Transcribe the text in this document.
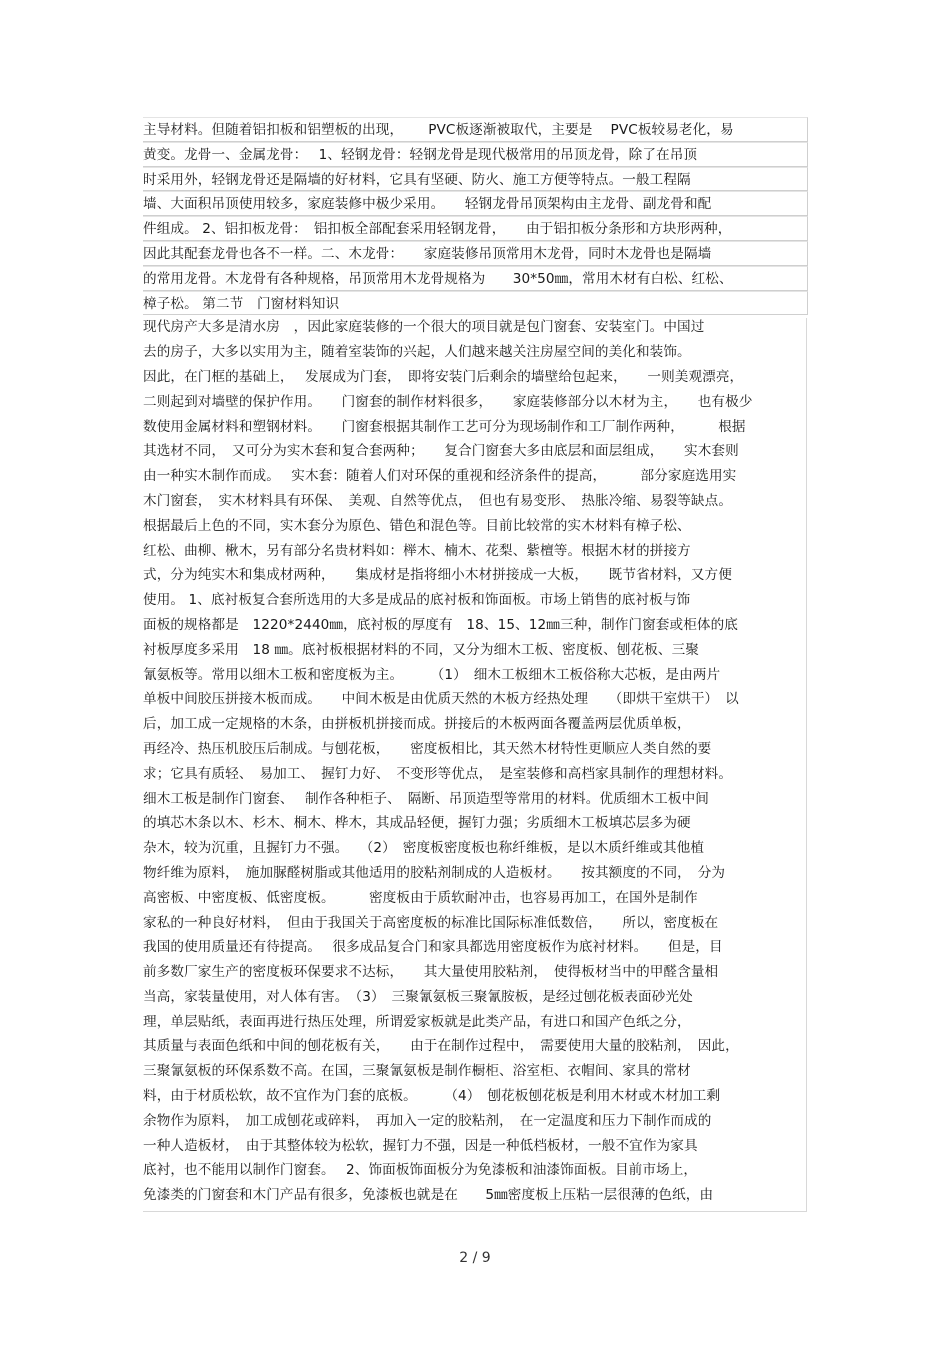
主导材料。但随着铝扣板和铝塑板的出现，　　 PVC板逐渐被取代，主要是　 PVC板较易老化，易
黄变。龙骨一、金属龙骨：　 1、轻钢龙骨：轻钢龙骨是现代极常用的吊顶龙骨，除了在吊顶
时采用外，轻钢龙骨还是隔墙的好材料，它具有坚硬、防火、施工方便等特点。一般工程隔
墙、大面积吊顶使用较多，家庭装修中极少采用。　　轻钢龙骨吊顶架构由主龙骨、副龙骨和配
件组成。 2、铝扣板龙骨：　铝扣板全部配套采用轻钢龙骨，　　由于铝扣板分条形和方块形两种，
因此其配套龙骨也各不一样。二、木龙骨：　　家庭装修吊顶常用木龙骨，同时木龙骨也是隔墙
的常用龙骨。木龙骨有各种规格，吊顶常用木龙骨规格为　　30*50㎜，常用木材有白松、红松、
樟子松。 第二节　门窗材料知识
现代房产大多是清水房　，因此家庭装修的一个很大的项目就是包门窗套、安装室门。中国过
去的房子，大多以实用为主，随着室装饰的兴起，人们越来越关注房屋空间的美化和装饰。
因此，在门框的基础上，　 发展成为门套，　即将安装门后剩余的墙壁给包起来，　　一则美观漂亮，
二则起到对墙壁的保护作用。　　门窗套的制作材料很多，　　家庭装修部分以木材为主，　　也有极少
数使用金属材料和塑钢材料。　　门窗套根据其制作工艺可分为现场制作和工厂制作两种，　　　根据
其选材不同，　又可分为实木套和复合套两种；　　复合门窗套大多由底层和面层组成，　　实木套则
由一种实木制作而成。　 实木套：随着人们对环保的重视和经济条件的提高，　　　部分家庭选用实
木门窗套，　实木材料具有环保、　美观、自然等优点，　但也有易变形、　热胀冷缩、易裂等缺点。
根据最后上色的不同，实木套分为原色、错色和混色等。目前比较常的实木材料有樟子松、
红松、曲柳、楸木，另有部分名贵材料如：榉木、楠木、花梨、紫檀等。根据木材的拼接方
式，分为纯实木和集成材两种，　　集成材是指将细小木材拼接成一大板，　　既节省材料，又方便
使用。 1、底衬板复合套所选用的大多是成品的底衬板和饰面板。市场上销售的底衬板与饰
面板的规格都是　1220*2440㎜，底衬板的厚度有　18、15、12㎜三种，制作门窗套或柜体的底
衬板厚度多采用　18 ㎜。底衬板根据材料的不同，又分为细木工板、密度板、刨花板、三聚
氰氨板等。常用以细木工板和密度板为主。　　　（1）　细木工板细木工板俗称大芯板，是由两片
单板中间胶压拼接木板而成。　　中间木板是由优质天然的木板方经热处理　　（即烘干室烘干）　以
后，加工成一定规格的木条，由拼板机拼接而成。拼接后的木板两面各覆盖两层优质单板，
再经冷、热压机胶压后制成。与刨花板，　　密度板相比，其天然木材特性更顺应人类自然的要
求；它具有质轻、　易加工、　握钉力好、　不变形等优点，　是室装修和高档家具制作的理想材料。
细木工板是制作门窗套、　 制作各种柜子、　隔断、吊顶造型等常用的材料。优质细木工板中间
的填芯木条以木、杉木、桐木、桦木，其成品轻便，握钉力强；劣质细木工板填芯层多为硬
杂木，较为沉重，且握钉力不强。　 （2）　密度板密度板也称纤维板，是以木质纤维或其他植
物纤维为原料，　施加脲醛树脂或其他适用的胶粘剂制成的人造板材。　　按其额度的不同，　分为
高密板、中密度板、低密度板。　　　密度板由于质软耐冲击，也容易再加工，在国外是制作
家私的一种良好材料，　但由于我国关于高密度板的标准比国际标准低数倍，　　所以，密度板在
我国的使用质量还有待提高。　 很多成品复合门和家具都选用密度板作为底衬材料。　　但是，目
前多数厂家生产的密度板环保要求不达标，　　其大量使用胶粘剂，　使得板材当中的甲醛含量相
当高，家装量使用，对人体有害。　（3）　三聚氰氨板三聚氰胺板，是经过刨花板表面砂光处
理，单层贴纸，表面再进行热压处理，所谓爱家板就是此类产品，有进口和国产色纸之分，
其质量与表面色纸和中间的刨花板有关，　　由于在制作过程中，　需要使用大量的胶粘剂，　因此，
三聚氰氨板的环保系数不高。在国，三聚氰氨板是制作橱柜、浴室柜、衣帽间、家具的常材
料，由于材质松软，故不宜作为门套的底板。　　　（4）　刨花板刨花板是利用木材或木材加工剩
余物作为原料，　加工成刨花或碎料，　再加入一定的胶粘剂，　在一定温度和压力下制作而成的
一种人造板材，　由于其整体较为松软，握钉力不强，因是一种低档板材，一般不宜作为家具
底衬，也不能用以制作门窗套。　 2、饰面板饰面板分为免漆板和油漆饰面板。目前市场上，
免漆类的门窗套和木门产品有很多，免漆板也就是在　　5㎜密度板上压粘一层很薄的色纸，由
2 / 9
